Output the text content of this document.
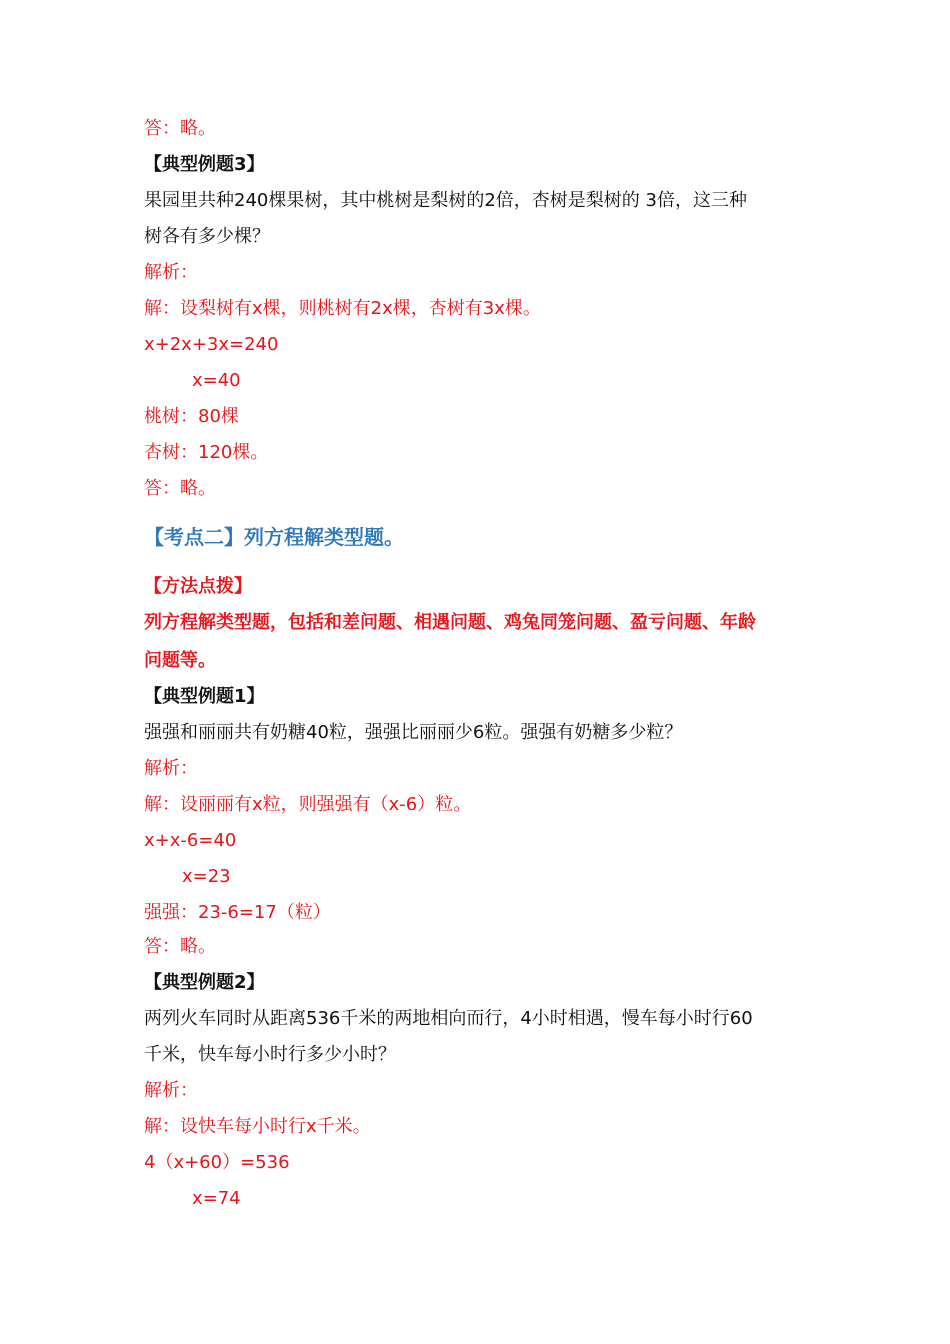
答：略。

【典型例题3】

果园里共种240棵果树，其中桃树是梨树的2倍，杏树是梨树的 3倍，这三种

树各有多少棵？

解析：

解：设梨树有x棵，则桃树有2x棵，杏树有3x棵。

x+2x+3x=240

x=40

桃树：80棵

杏树：120棵。

答：略。

【考点二】列方程解类型题。

【方法点拨】

列方程解类型题，包括和差问题、相遇问题、鸡兔同笼问题、盈亏问题、年龄

问题等。

【典型例题1】

强强和丽丽共有奶糖40粒，强强比丽丽少6粒。强强有奶糖多少粒？

解析：

解：设丽丽有x粒，则强强有（x-6）粒。

x+x-6=40

x=23

强强：23-6=17（粒）

答：略。

【典型例题2】

两列火车同时从距离536千米的两地相向而行，4小时相遇，慢车每小时行60

千米，快车每小时行多少小时？

解析：

解：设快车每小时行x千米。

4（x+60）=536

x=74
